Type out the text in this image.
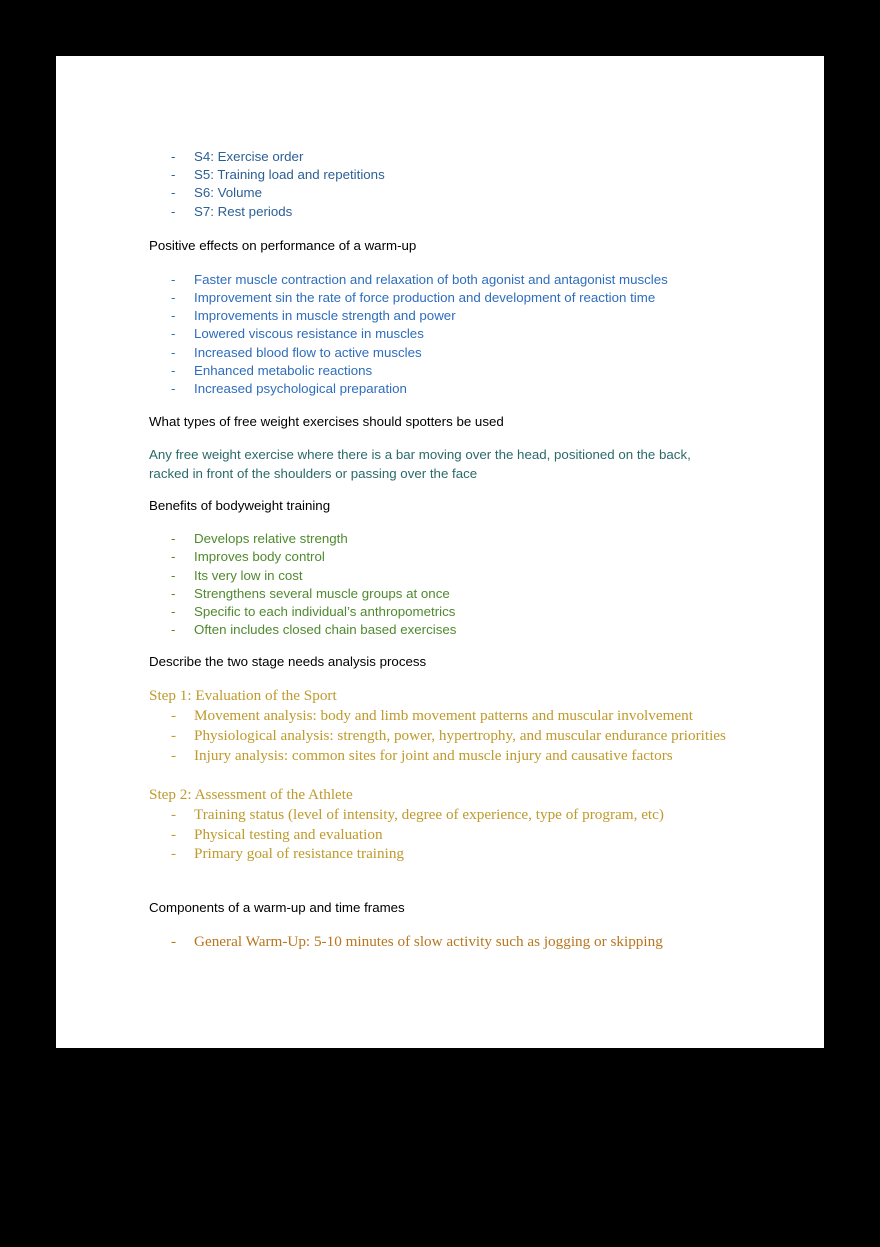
- S4: Exercise order
- S5: Training load and repetitions
- S6: Volume
- S7: Rest periods
Positive effects on performance of a warm-up
- Faster muscle contraction and relaxation of both agonist and antagonist muscles
- Improvement sin the rate of force production and development of reaction time
- Improvements in muscle strength and power
- Lowered viscous resistance in muscles
- Increased blood flow to active muscles
- Enhanced metabolic reactions
- Increased psychological preparation
What types of free weight exercises should spotters be used
Any free weight exercise where there is a bar moving over the head, positioned on the back,
racked in front of the shoulders or passing over the face
Benefits of bodyweight training
- Develops relative strength
- Improves body control
- Its very low in cost
- Strengthens several muscle groups at once
- Specific to each individual’s anthropometrics
- Often includes closed chain based exercises
Describe the two stage needs analysis process
Step 1: Evaluation of the Sport
- Movement analysis: body and limb movement patterns and muscular involvement
- Physiological analysis: strength, power, hypertrophy, and muscular endurance priorities
- Injury analysis: common sites for joint and muscle injury and causative factors
Step 2: Assessment of the Athlete
- Training status (level of intensity, degree of experience, type of program, etc)
- Physical testing and evaluation
- Primary goal of resistance training
Components of a warm-up and time frames
- General Warm-Up: 5-10 minutes of slow activity such as jogging or skipping
